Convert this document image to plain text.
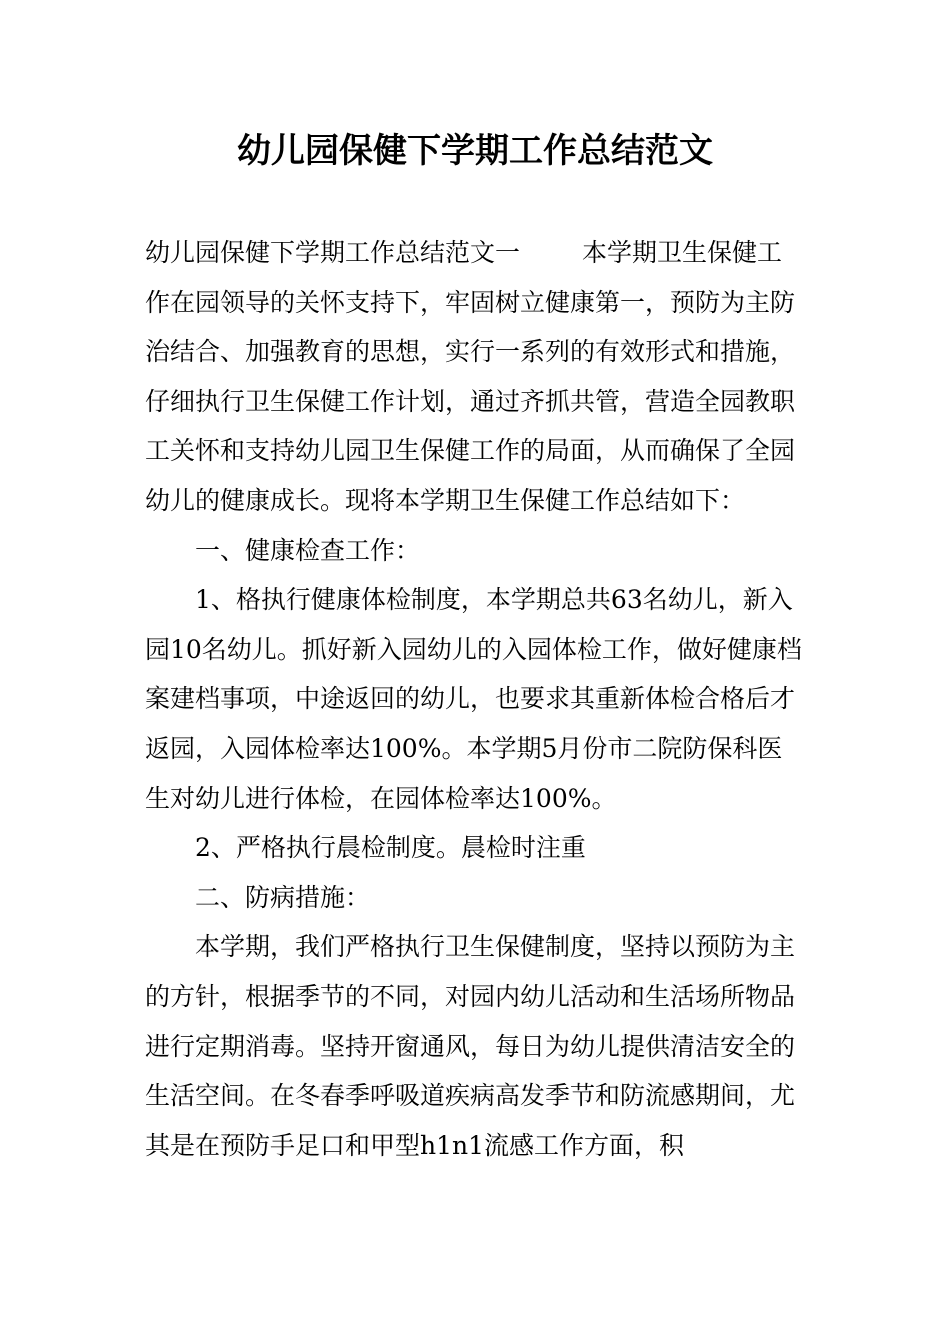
幼儿园保健下学期工作总结范文

幼儿园保健下学期工作总结范文一 本学期卫生保健工作在园领导的关怀支持下，牢固树立健康第一，预防为主防治结合、加强教育的思想，实行一系列的有效形式和措施，仔细执行卫生保健工作计划，通过齐抓共管，营造全园教职工关怀和支持幼儿园卫生保健工作的局面，从而确保了全园幼儿的健康成长。现将本学期卫生保健工作总结如下：

一、健康检查工作：

1、格执行健康体检制度，本学期总共63名幼儿，新入园10名幼儿。抓好新入园幼儿的入园体检工作，做好健康档案建档事项，中途返回的幼儿，也要求其重新体检合格后才返园，入园体检率达100%。本学期5月份市二院防保科医生对幼儿进行体检，在园体检率达100%。

2、严格执行晨检制度。晨检时注重

二、防病措施：

本学期，我们严格执行卫生保健制度，坚持以预防为主的方针，根据季节的不同，对园内幼儿活动和生活场所物品进行定期消毒。坚持开窗通风，每日为幼儿提供清洁安全的生活空间。在冬春季呼吸道疾病高发季节和防流感期间，尤其是在预防手足口和甲型h1n1流感工作方面，积
